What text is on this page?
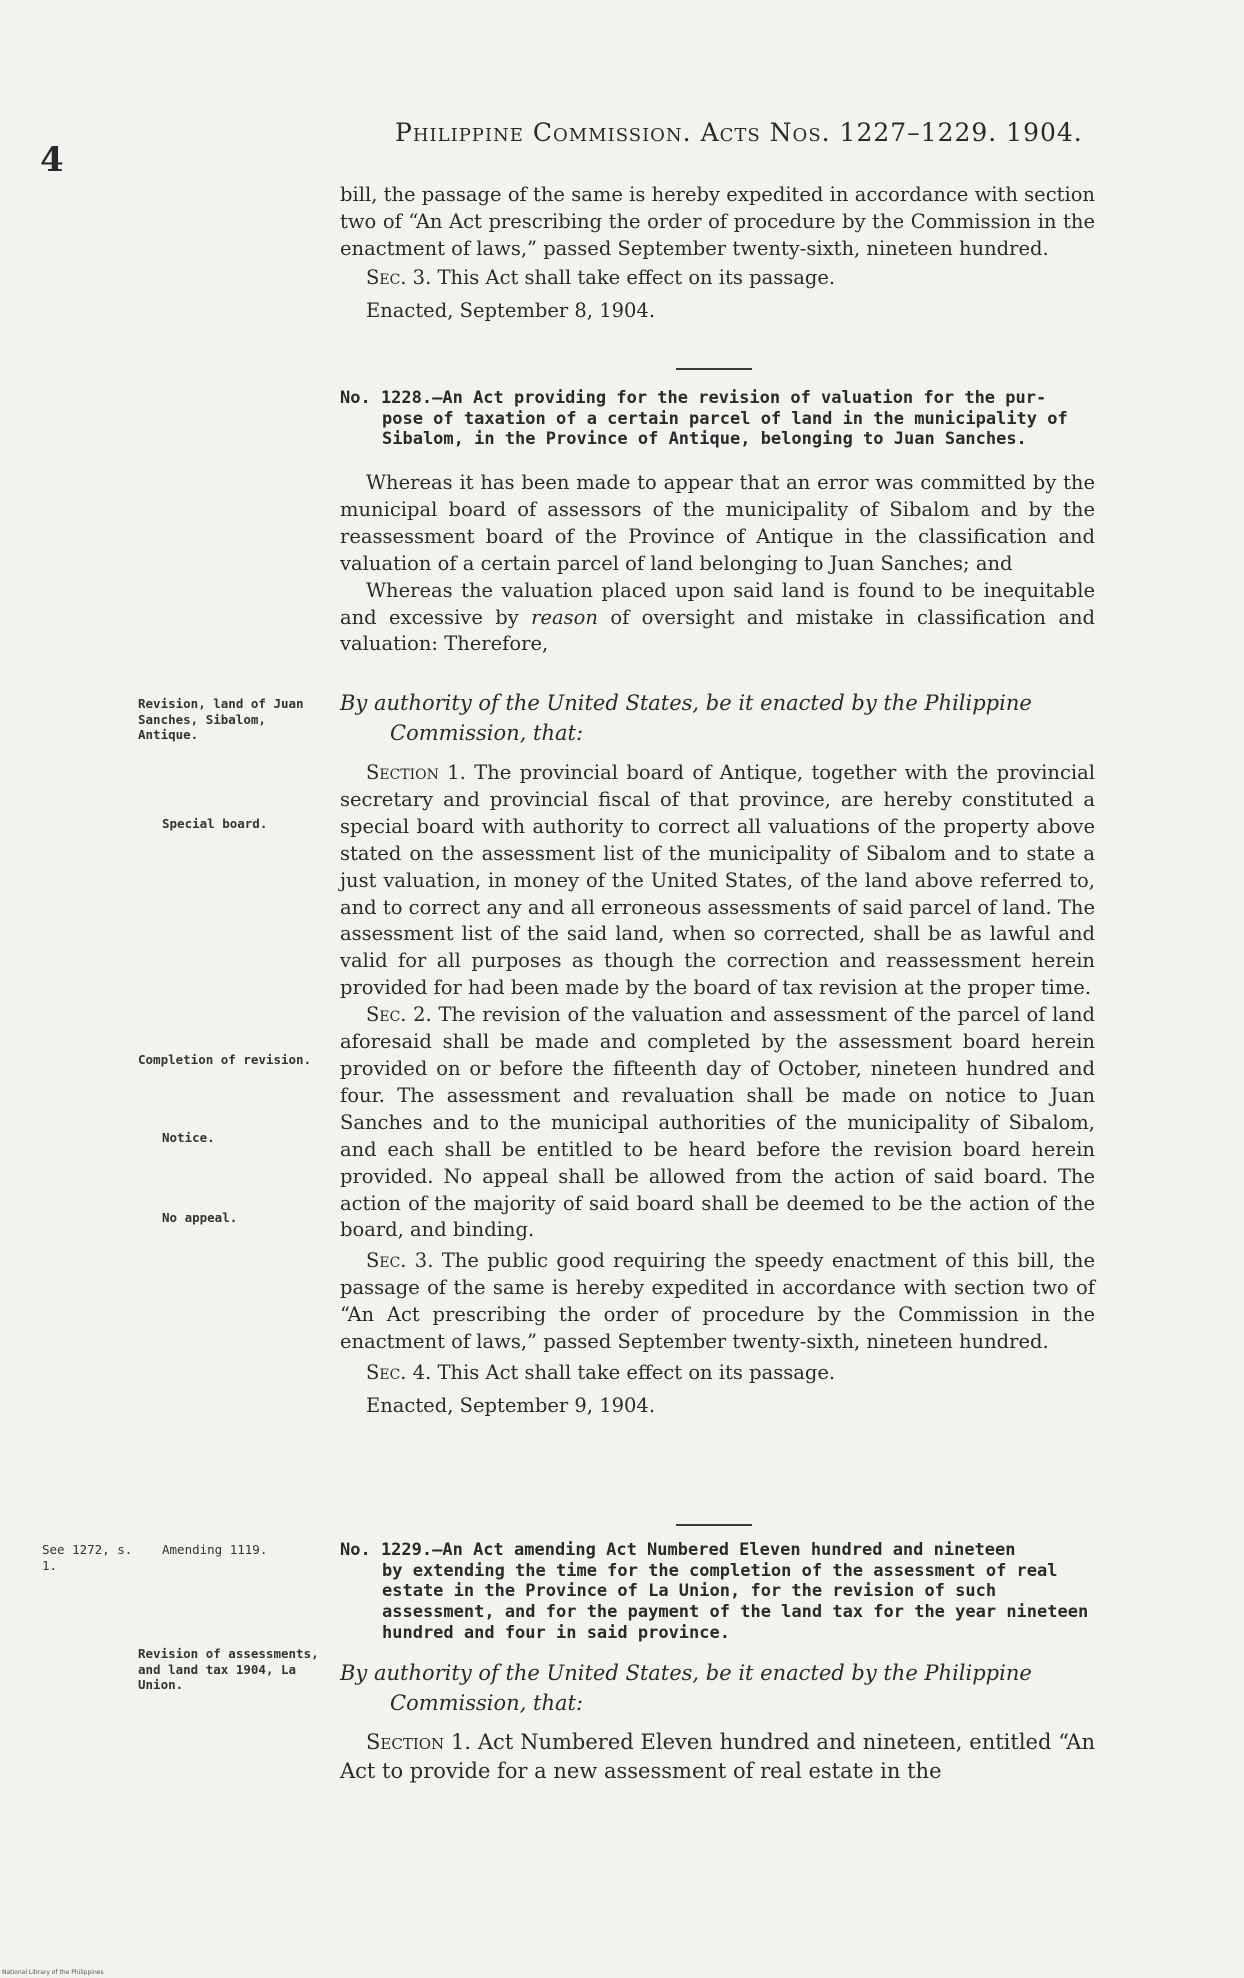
4
Philippine Commission. Acts Nos. 1227–1229. 1904.

bill, the passage of the same is hereby expedited in accordance with section two of “An Act prescribing the order of procedure by the Commission in the enactment of laws,” passed September twenty-sixth, nineteen hundred.

Sec. 3. This Act shall take effect on its passage.

Enacted, September 8, 1904.

No. 1228.—An Act providing for the revision of valuation for the pur-
pose of taxation of a certain parcel of land in the municipality of Sibalom, in the Province of Antique, belonging to Juan Sanches.

Whereas it has been made to appear that an error was committed by the municipal board of assessors of the municipality of Sibalom and by the reassessment board of the Province of Antique in the classification and valuation of a certain parcel of land belonging to Juan Sanches; and

Whereas the valuation placed upon said land is found to be inequitable and excessive by reason of oversight and mistake in classification and valuation: Therefore,

By authority of the United States, be it enacted by the Philippine
Commission, that:

Section 1. The provincial board of Antique, together with the provincial secretary and provincial fiscal of that province, are hereby constituted a special board with authority to correct all valuations of the property above stated on the assessment list of the municipality of Sibalom and to state a just valuation, in money of the United States, of the land above referred to, and to correct any and all erroneous assessments of said parcel of land. The assessment list of the said land, when so corrected, shall be as lawful and valid for all purposes as though the correction and reassessment herein provided for had been made by the board of tax revision at the proper time.

Sec. 2. The revision of the valuation and assessment of the parcel of land aforesaid shall be made and completed by the assessment board herein provided on or before the fifteenth day of October, nineteen hundred and four. The assessment and revaluation shall be made on notice to Juan Sanches and to the municipal authorities of the municipality of Sibalom, and each shall be entitled to be heard before the revision board herein provided. No appeal shall be allowed from the action of said board. The action of the majority of said board shall be deemed to be the action of the board, and binding.

Sec. 3. The public good requiring the speedy enactment of this bill, the passage of the same is hereby expedited in accordance with section two of “An Act prescribing the order of procedure by the Commission in the enactment of laws,” passed September twenty-sixth, nineteen hundred.

Sec. 4. This Act shall take effect on its passage.

Enacted, September 9, 1904.

No. 1229.—An Act amending Act Numbered Eleven hundred and nineteen
by extending the time for the completion of the assessment of real estate in the Province of La Union, for the revision of such assessment, and for the payment of the land tax for the year nineteen hundred and four in said province.
By authority of the United States, be it enacted by the Philippine
Commission, that:

Section 1. Act Numbered Eleven hundred and nineteen, entitled “An Act to provide for a new assessment of real estate in the

Revision, land of Juan Sanches, Sibalom, Antique.
Special board.
Completion of revision.
Notice.
No appeal.
See 1272, s. 1.
Amending 1119.
Revision of assessments, and land tax 1904, La Union.
National Library of the Philippines
